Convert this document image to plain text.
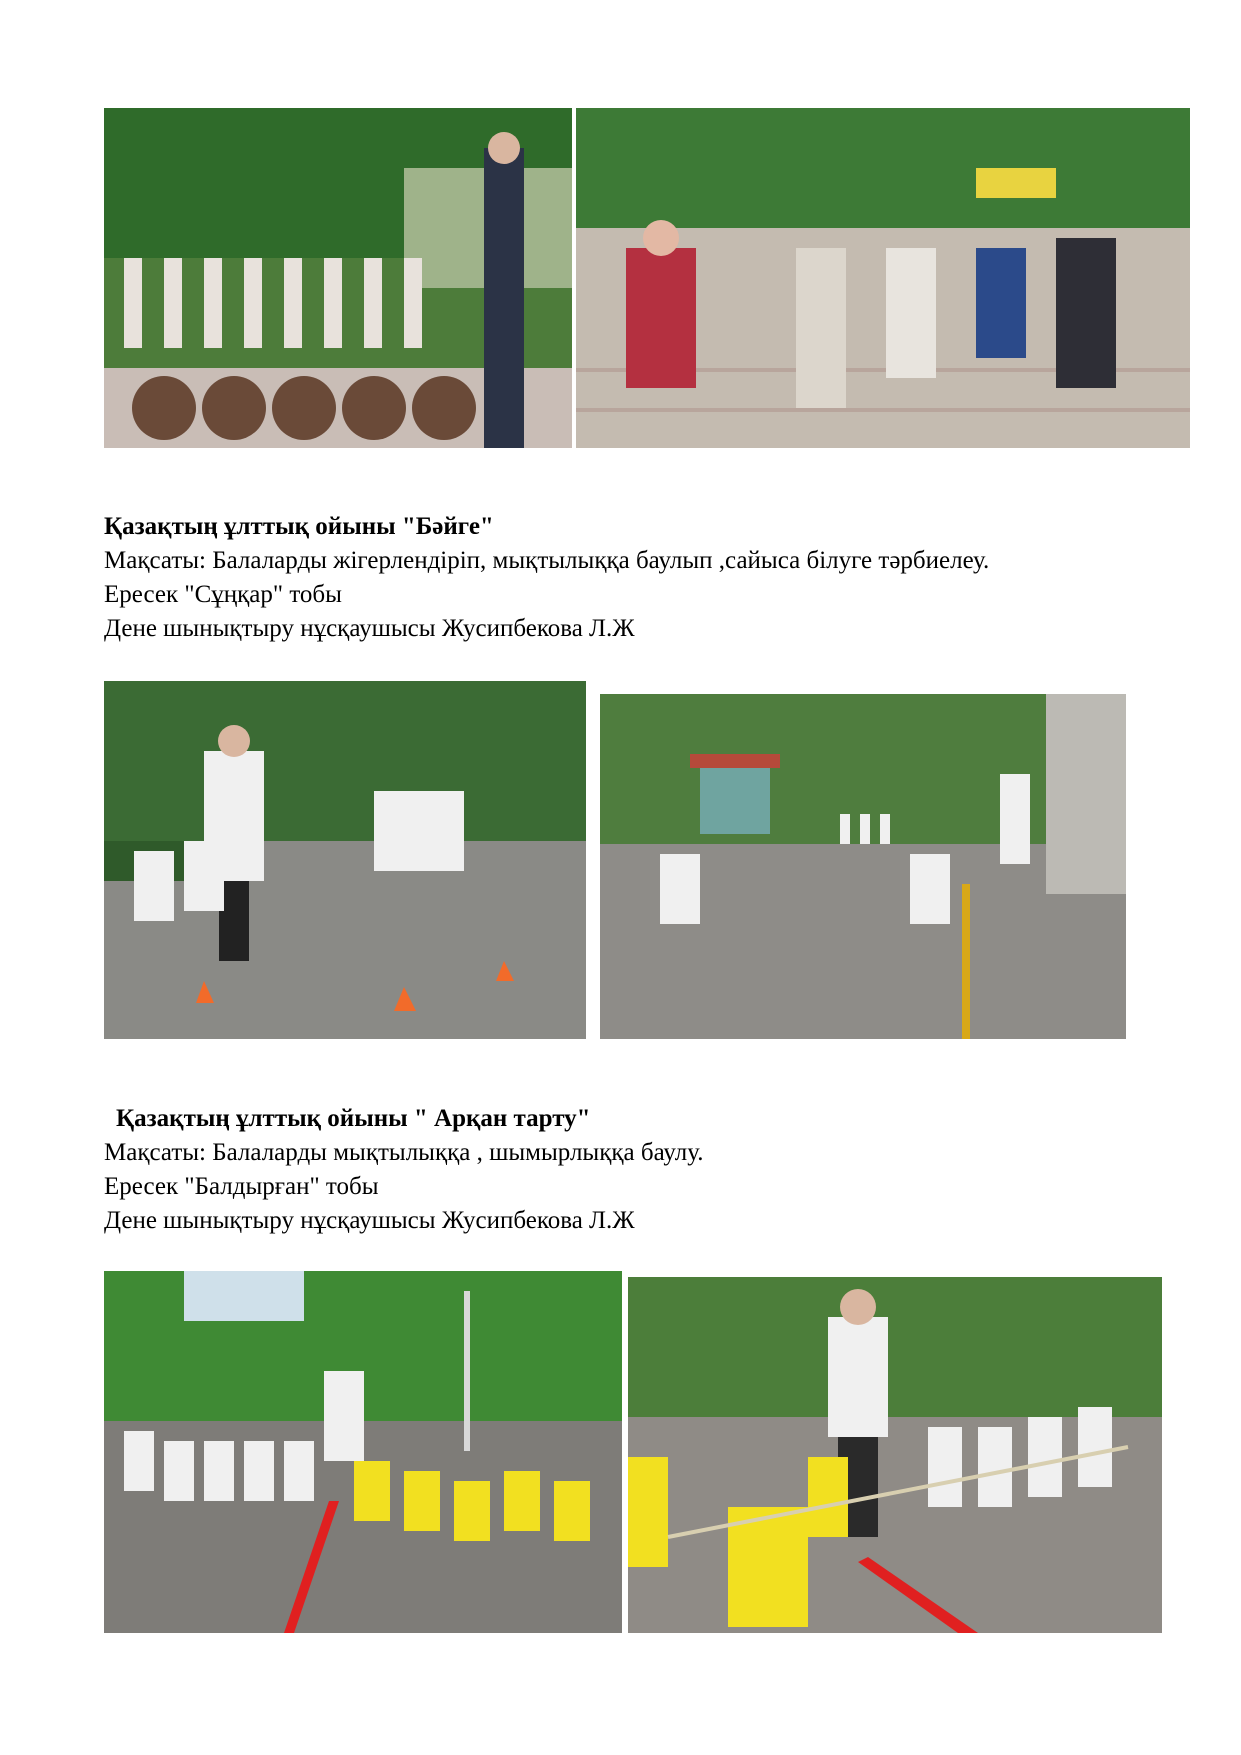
Қазақтың ұлттық ойыны "Бәйге"
Мақсаты: Балаларды жігерлендіріп, мықтылыққа баулып ,сайыса білуге тәрбиелеу.
Ересек "Сұңқар" тобы
Дене шынықтыру нұсқаушысы Жусипбекова Л.Ж
Қазақтың ұлттық ойыны " Арқан тарту"
Мақсаты: Балаларды мықтылыққа , шымырлыққа баулу.
Ересек "Балдырған" тобы
Дене шынықтыру нұсқаушысы Жусипбекова Л.Ж
